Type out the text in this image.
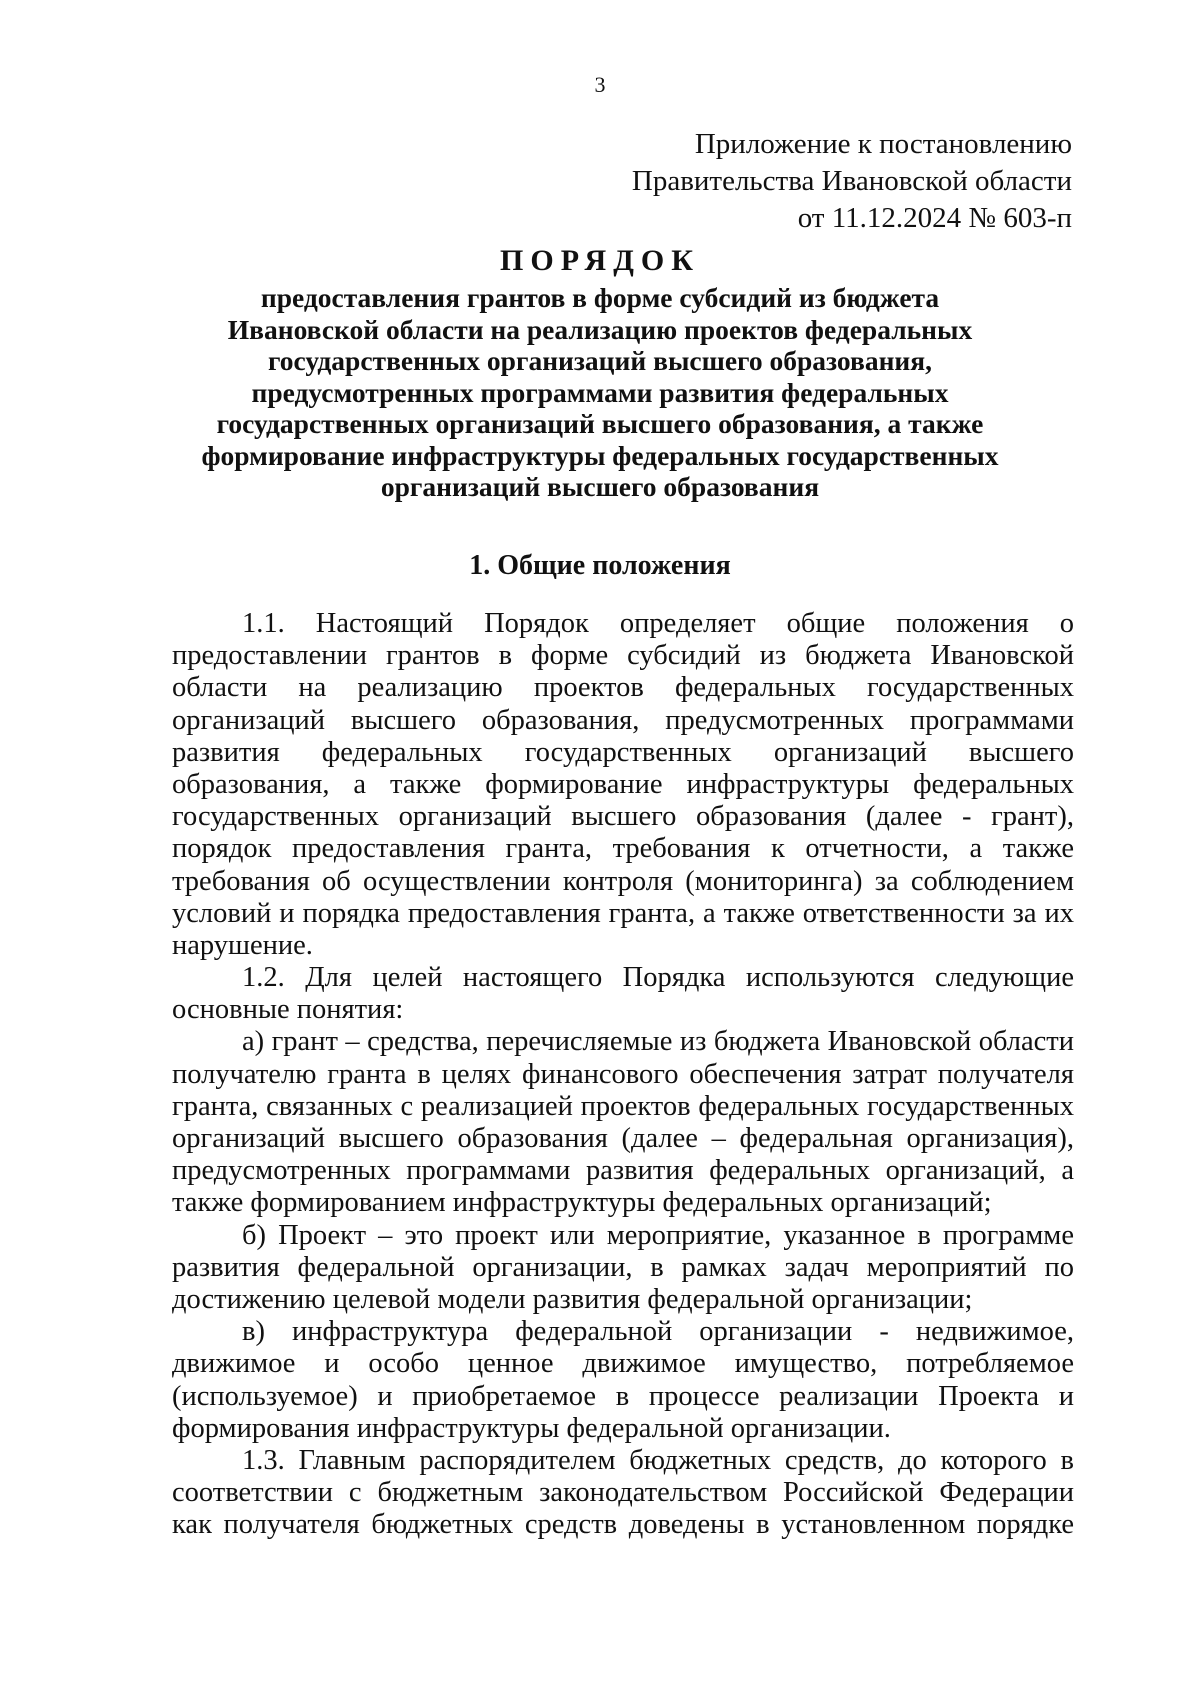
3
Приложение к постановлению
Правительства Ивановской области
от 11.12.2024 № 603-п
ПОРЯДОК
предоставления грантов в форме субсидий из бюджета
Ивановской области на реализацию проектов федеральных
государственных организаций высшего образования,
предусмотренных программами развития федеральных
государственных организаций высшего образования, а также
формирование инфраструктуры федеральных государственных
организаций высшего образования
1. Общие положения
1.1. Настоящий Порядок определяет общие положения о
предоставлении грантов в форме субсидий из бюджета Ивановской
области на реализацию проектов федеральных государственных
организаций высшего образования, предусмотренных программами
развития федеральных государственных организаций высшего
образования, а также формирование инфраструктуры федеральных
государственных организаций высшего образования (далее - грант),
порядок предоставления гранта, требования к отчетности, а также
требования об осуществлении контроля (мониторинга) за соблюдением
условий и порядка предоставления гранта, а также ответственности за их
нарушение.
1.2. Для целей настоящего Порядка используются следующие
основные понятия:
а) грант – средства, перечисляемые из бюджета Ивановской области
получателю гранта в целях финансового обеспечения затрат получателя
гранта, связанных с реализацией проектов федеральных государственных
организаций высшего образования (далее – федеральная организация),
предусмотренных программами развития федеральных организаций, а
также формированием инфраструктуры федеральных организаций;
б) Проект – это проект или мероприятие, указанное в программе
развития федеральной организации, в рамках задач мероприятий по
достижению целевой модели развития федеральной организации;
в) инфраструктура федеральной организации - недвижимое,
движимое и особо ценное движимое имущество, потребляемое
(используемое) и приобретаемое в процессе реализации Проекта и
формирования инфраструктуры федеральной организации.
1.3. Главным распорядителем бюджетных средств, до которого в
соответствии с бюджетным законодательством Российской Федерации
как получателя бюджетных средств доведены в установленном порядке
